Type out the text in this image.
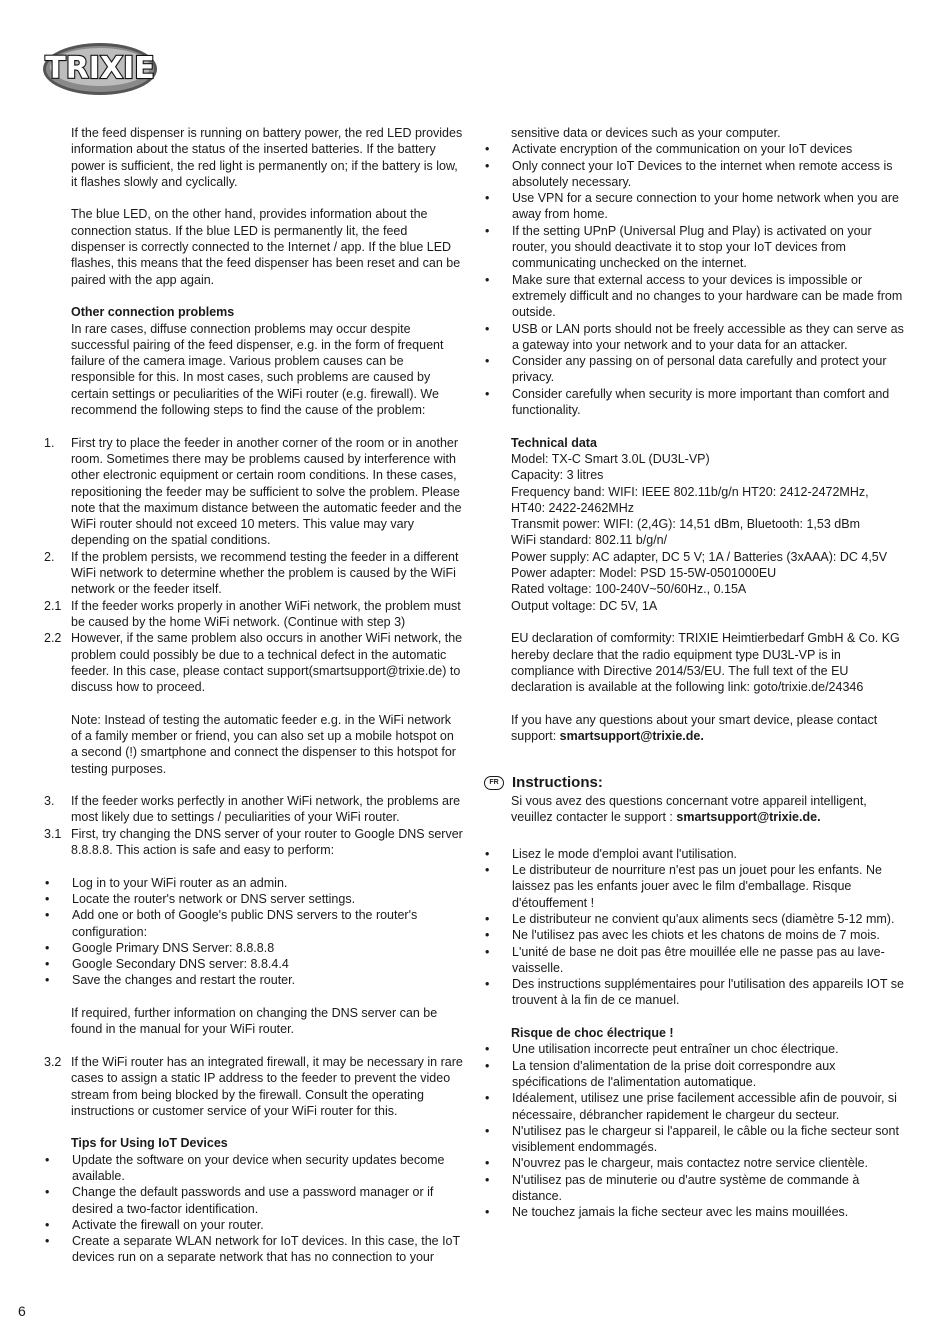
TRIXIE

If the feed dispenser is running on battery power, the red LED provides information about the status of the inserted batteries. If the battery power is sufficient, the red light is permanently on; if the battery is low, it flashes slowly and cyclically.

The blue LED, on the other hand, provides information about the connection status. If the blue LED is permanently lit, the feed dispenser is correctly connected to the Internet / app. If the blue LED flashes, this means that the feed dispenser has been reset and can be paired with the app again.

Other connection problems

In rare cases, diffuse connection problems may occur despite successful pairing of the feed dispenser, e.g. in the form of frequent failure of the camera image. Various problem causes can be responsible for this. In most cases, such problems are caused by certain settings or peculiarities of the WiFi router (e.g. firewall). We recommend the following steps to find the cause of the problem:

1.	First try to place the feeder in another corner of the room or in another room. Sometimes there may be problems caused by interference with other electronic equipment or certain room conditions. In these cases, repositioning the feeder may be sufficient to solve the problem. Please note that the maximum distance between the automatic feeder and the WiFi router should not exceed 10 meters. This value may vary depending on the spatial conditions.
2.	If the problem persists, we recommend testing the feeder in a different WiFi network to determine whether the problem is caused by the WiFi network or the feeder itself.
2.1 If the feeder works properly in another WiFi network, the problem must be caused by the home WiFi network. (Continue with step 3)
2.2 However, if the same problem also occurs in another WiFi network, the problem could possibly be due to a technical defect in the automatic feeder. In this case, please contact support(smartsupport@trixie.de) to discuss how to proceed.

Note: Instead of testing the automatic feeder e.g. in the WiFi network of a family member or friend, you can also set up a mobile hotspot on a second (!) smartphone and connect the dispenser to this hotspot for testing purposes.

3.	If the feeder works perfectly in another WiFi network, the problems are most likely due to settings / peculiarities of your WiFi router.
3.1 First, try changing the DNS server of your router to Google DNS server 8.8.8.8. This action is safe and easy to perform:
•	Log in to your WiFi router as an admin.
•	Locate the router's network or DNS server settings.
•	Add one or both of Google's public DNS servers to the router's configuration:
•	Google Primary DNS Server: 8.8.8.8
•	Google Secondary DNS server: 8.8.4.4
•	Save the changes and restart the router.

If required, further information on changing the DNS server can be found in the manual for your WiFi router.

3.2 If the WiFi router has an integrated firewall, it may be necessary in rare cases to assign a static IP address to the feeder to prevent the video stream from being blocked by the firewall. Consult the operating instructions or customer service of your WiFi router for this.
Tips for Using IoT Devices
•	Update the software on your device when security updates become available.
•	Change the default passwords and use a password manager or if desired a two-factor identification.
•	Activate the firewall on your router.
•	Create a separate WLAN network for IoT devices. In this case, the IoT devices run on a separate network that has no connection to your
sensitive data or devices such as your computer.
•	Activate encryption of the communication on your IoT devices
•	Only connect your IoT Devices to the internet when remote access is absolutely necessary.
•	Use VPN for a secure connection to your home network when you are away from home.
•	If the setting UPnP (Universal Plug and Play) is activated on your router, you should deactivate it to stop your IoT devices from communicating unchecked on the internet.
•	Make sure that external access to your devices is impossible or extremely difficult and no changes to your hardware can be made from outside.
•	USB or LAN ports should not be freely accessible as they can serve as a gateway into your network and to your data for an attacker.
•	Consider any passing on of personal data carefully and protect your privacy.
•	Consider carefully when security is more important than comfort and functionality.
Technical data
Model: TX-C Smart 3.0L (DU3L-VP)
Capacity: 3 litres
Frequency band: WIFI: IEEE 802.11b/g/n HT20: 2412-2472MHz, HT40: 2422-2462MHz
Transmit power: WIFI: (2,4G): 14,51 dBm, Bluetooth: 1,53 dBm
WiFi standard: 802.11 b/g/n/
Power supply: AC adapter, DC 5 V; 1A / Batteries (3xAAA): DC 4,5V
Power adapter: Model: PSD 15-5W-0501000EU
Rated voltage: 100-240V~50/60Hz., 0.15A
Output voltage: DC 5V, 1A

EU declaration of comformity: TRIXIE Heimtierbedarf GmbH & Co. KG hereby declare that the radio equipment type DU3L-VP is in compliance with Directive 2014/53/EU. The full text of the EU declaration is available at the following link: goto/trixie.de/24346

If you have any questions about your smart device, please contact support: smartsupport@trixie.de.

FR Instructions:

Si vous avez des questions concernant votre appareil intelligent, veuillez contacter le support : smartsupport@trixie.de.

•	Lisez le mode d'emploi avant l'utilisation.
•	Le distributeur de nourriture n'est pas un jouet pour les enfants. Ne laissez pas les enfants jouer avec le film d'emballage. Risque d'étouffement !
•	Le distributeur ne convient qu'aux aliments secs (diamètre 5-12 mm).
•	Ne l'utilisez pas avec les chiots et les chatons de moins de 7 mois.
•	L'unité de base ne doit pas être mouillée elle ne passe pas au lave-vaisselle.
•	Des instructions supplémentaires pour l'utilisation des appareils IOT se trouvent à la fin de ce manuel.
Risque de choc électrique !
•	Une utilisation incorrecte peut entraîner un choc électrique.
•	La tension d'alimentation de la prise doit correspondre aux spécifications de l'alimentation automatique.
•	Idéalement, utilisez une prise facilement accessible afin de pouvoir, si nécessaire, débrancher rapidement le chargeur du secteur.
•	N'utilisez pas le chargeur si l'appareil, le câble ou la fiche secteur sont visiblement endommagés.
•	N'ouvrez pas le chargeur, mais contactez notre service clientèle.
•	N'utilisez pas de minuterie ou d'autre système de commande à distance.
•	Ne touchez jamais la fiche secteur avec les mains mouillées.
6
